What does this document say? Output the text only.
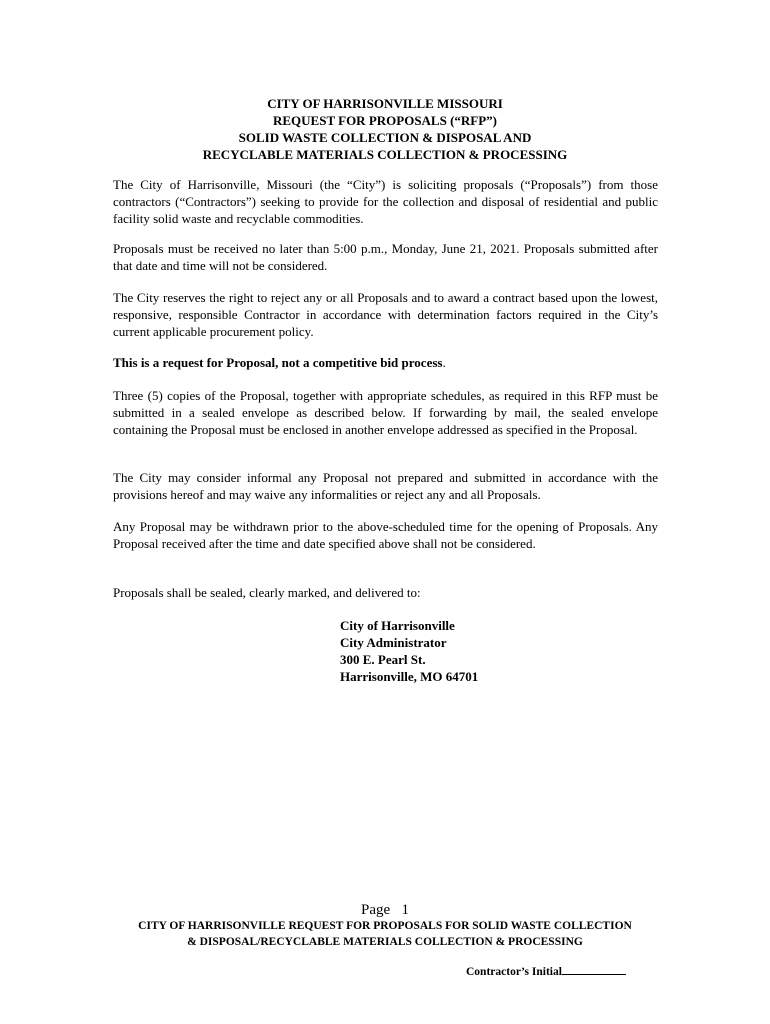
CITY OF HARRISONVILLE MISSOURI
REQUEST FOR PROPOSALS (“RFP”)
SOLID WASTE COLLECTION & DISPOSAL AND
RECYCLABLE MATERIALS COLLECTION & PROCESSING

The City of Harrisonville, Missouri (the “City”) is soliciting proposals (“Proposals”) from those contractors (“Contractors”) seeking to provide for the collection and disposal of residential and public facility solid waste and recyclable commodities.

Proposals must be received no later than 5:00 p.m., Monday, June 21, 2021. Proposals submitted after that date and time will not be considered.

The City reserves the right to reject any or all Proposals and to award a contract based upon the lowest, responsive, responsible Contractor in accordance with determination factors required in the City’s current applicable procurement policy.

This is a request for Proposal, not a competitive bid process.

Three (5) copies of the Proposal, together with appropriate schedules, as required in this RFP must be submitted in a sealed envelope as described below. If forwarding by mail, the sealed envelope containing the Proposal must be enclosed in another envelope addressed as specified in the Proposal.

The City may consider informal any Proposal not prepared and submitted in accordance with the provisions hereof and may waive any informalities or reject any and all Proposals.

Any Proposal may be withdrawn prior to the above-scheduled time for the opening of Proposals. Any Proposal received after the time and date specified above shall not be considered.

Proposals shall be sealed, clearly marked, and delivered to:

City of Harrisonville
City Administrator
300 E. Pearl St.
Harrisonville, MO 64701
Page   1
CITY OF HARRISONVILLE REQUEST FOR PROPOSALS FOR SOLID WASTE COLLECTION
& DISPOSAL/RECYCLABLE MATERIALS COLLECTION & PROCESSING
Contractor’s Initial
